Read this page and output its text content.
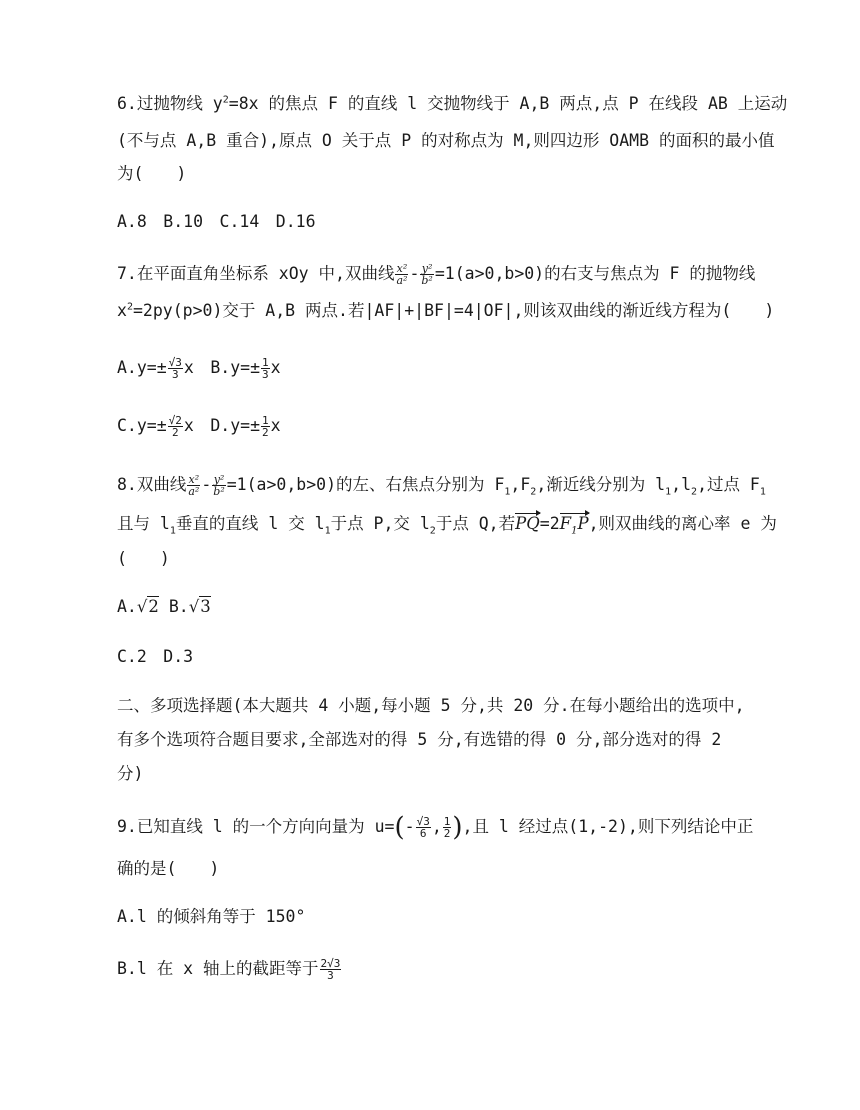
6.过抛物线 $y^2=8x$ 的焦点 F 的直线 l 交抛物线于 A,B 两点,点 P 在线段 AB 上运动
(不与点 A,B 重合),原点 O 关于点 P 的对称点为 M,则四边形 OAMB 的面积的最小值
为(　　)
A.8　B.10　C.14　D.16
7.在平面直角坐标系 xOy 中,双曲线 $\frac{\text{x²}}{\text{a²}} - \frac{\text{y²}}{\text{b²}} =1(a>0,b>0)$的右支与焦点为 F 的抛物线
$x^2=2py(p>0)$交于 A,B 两点.若|AF|+|BF|=4|OF|,则该双曲线的渐近线方程为(　　)
$A.y=\pm \frac{√3}{3}$ x　$B.y=\pm \frac{1}{3}$ x
$C.y=\pm \frac{√2}{2}$ x　$D.y=\pm \frac{1}{2}$ x
8.双曲线 $\frac{\text{x²}}{\text{a²}} - \frac{\text{y²}}{\text{b²}} =1(a>0,b>0)$的左、右焦点分别为 $F_1,F_2$,渐近线分别为 $l_1,l_2$,过点 $F_1$
且与 $l_1$垂直的直线 l 交 $l_1$于点 P,交 $l_2$于点 Q,若$PQ=2F_1P$,则双曲线的离心率 e 为
(　　)
A.√2 B.√3
C.2　D.3
二、多项选择题(本大题共 4 小题,每小题 5 分,共 20 分.在每小题给出的选项中,
有多个选项符合题目要求,全部选对的得 5 分,有选错的得 0 分,部分选对的得 2
分)
9.已知直线 l 的一个方向向量为 $u=(- \frac{√3}{6}$ , $\frac{1}{2}$ ),且 l 经过点(1,-2),则下列结论中正
确的是(　　)
A.l 的倾斜角等于 150°
B.l 在 x 轴上的截距等于 $\frac{2√3}{3}$
